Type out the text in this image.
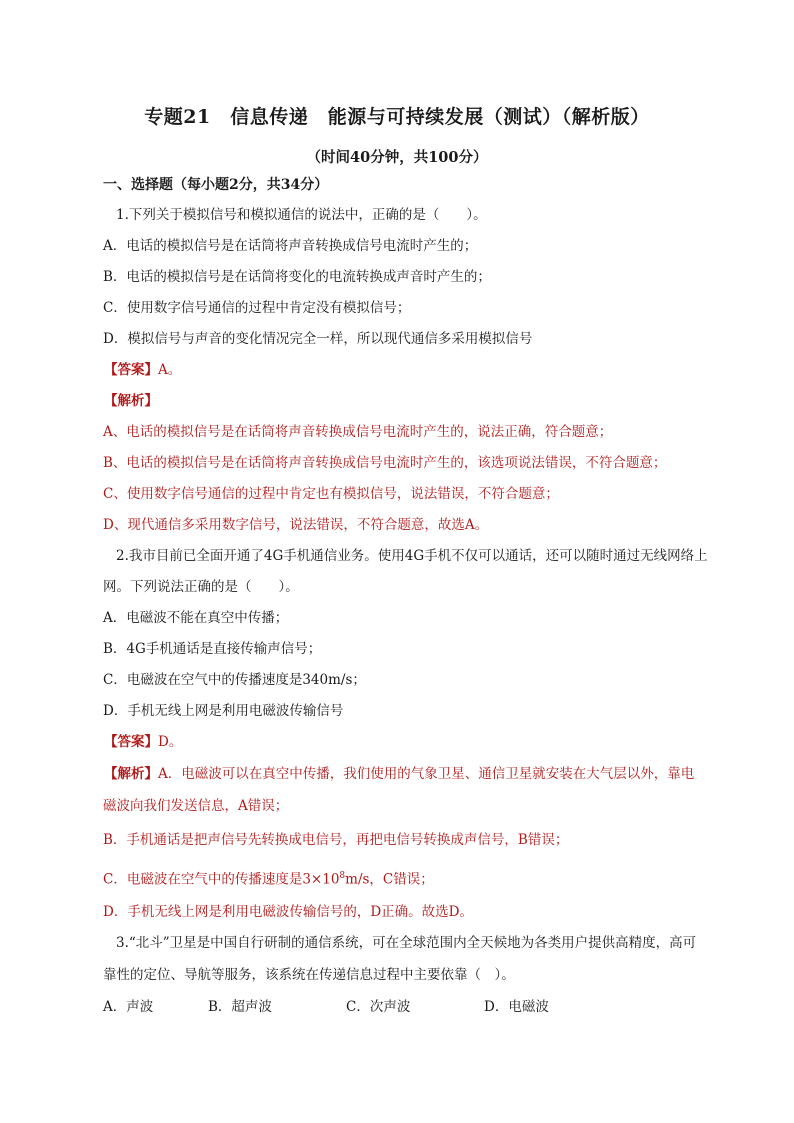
专题21　信息传递　能源与可持续发展（测试）（解析版）
（时间40分钟，共100分）
一、选择题（每小题2分，共34分）
1.下列关于模拟信号和模拟通信的说法中，正确的是（　　）。
A．电话的模拟信号是在话筒将声音转换成信号电流时产生的；
B．电话的模拟信号是在话筒将变化的电流转换成声音时产生的；
C．使用数字信号通信的过程中肯定没有模拟信号；
D．模拟信号与声音的变化情况完全一样，所以现代通信多采用模拟信号
【答案】A。
【解析】
A、电话的模拟信号是在话筒将声音转换成信号电流时产生的，说法正确，符合题意；
B、电话的模拟信号是在话筒将声音转换成信号电流时产生的，该选项说法错误，不符合题意；
C、使用数字信号通信的过程中肯定也有模拟信号，说法错误，不符合题意；
D、现代通信多采用数字信号，说法错误，不符合题意，故选A。
2.我市目前已全面开通了4G手机通信业务。使用4G手机不仅可以通话，还可以随时通过无线网络上
网。下列说法正确的是（　　）。
A．电磁波不能在真空中传播；
B．4G手机通话是直接传输声信号；
C．电磁波在空气中的传播速度是340m/s；
D．手机无线上网是利用电磁波传输信号
【答案】D。
【解析】A．电磁波可以在真空中传播，我们使用的气象卫星、通信卫星就安装在大气层以外，靠电
磁波向我们发送信息，A错误；
B．手机通话是把声信号先转换成电信号，再把电信号转换成声信号，B错误；
C．电磁波在空气中的传播速度是$3\times 10^8m/s$，C错误；
D．手机无线上网是利用电磁波传输信号的，D正确。故选D。
3.“北斗”卫星是中国自行研制的通信系统，可在全球范围内全天候地为各类用户提供高精度，高可
靠性的定位、导航等服务，该系统在传递信息过程中主要依靠（　）。
A．声波	B．超声波	C．次声波	D．电磁波
